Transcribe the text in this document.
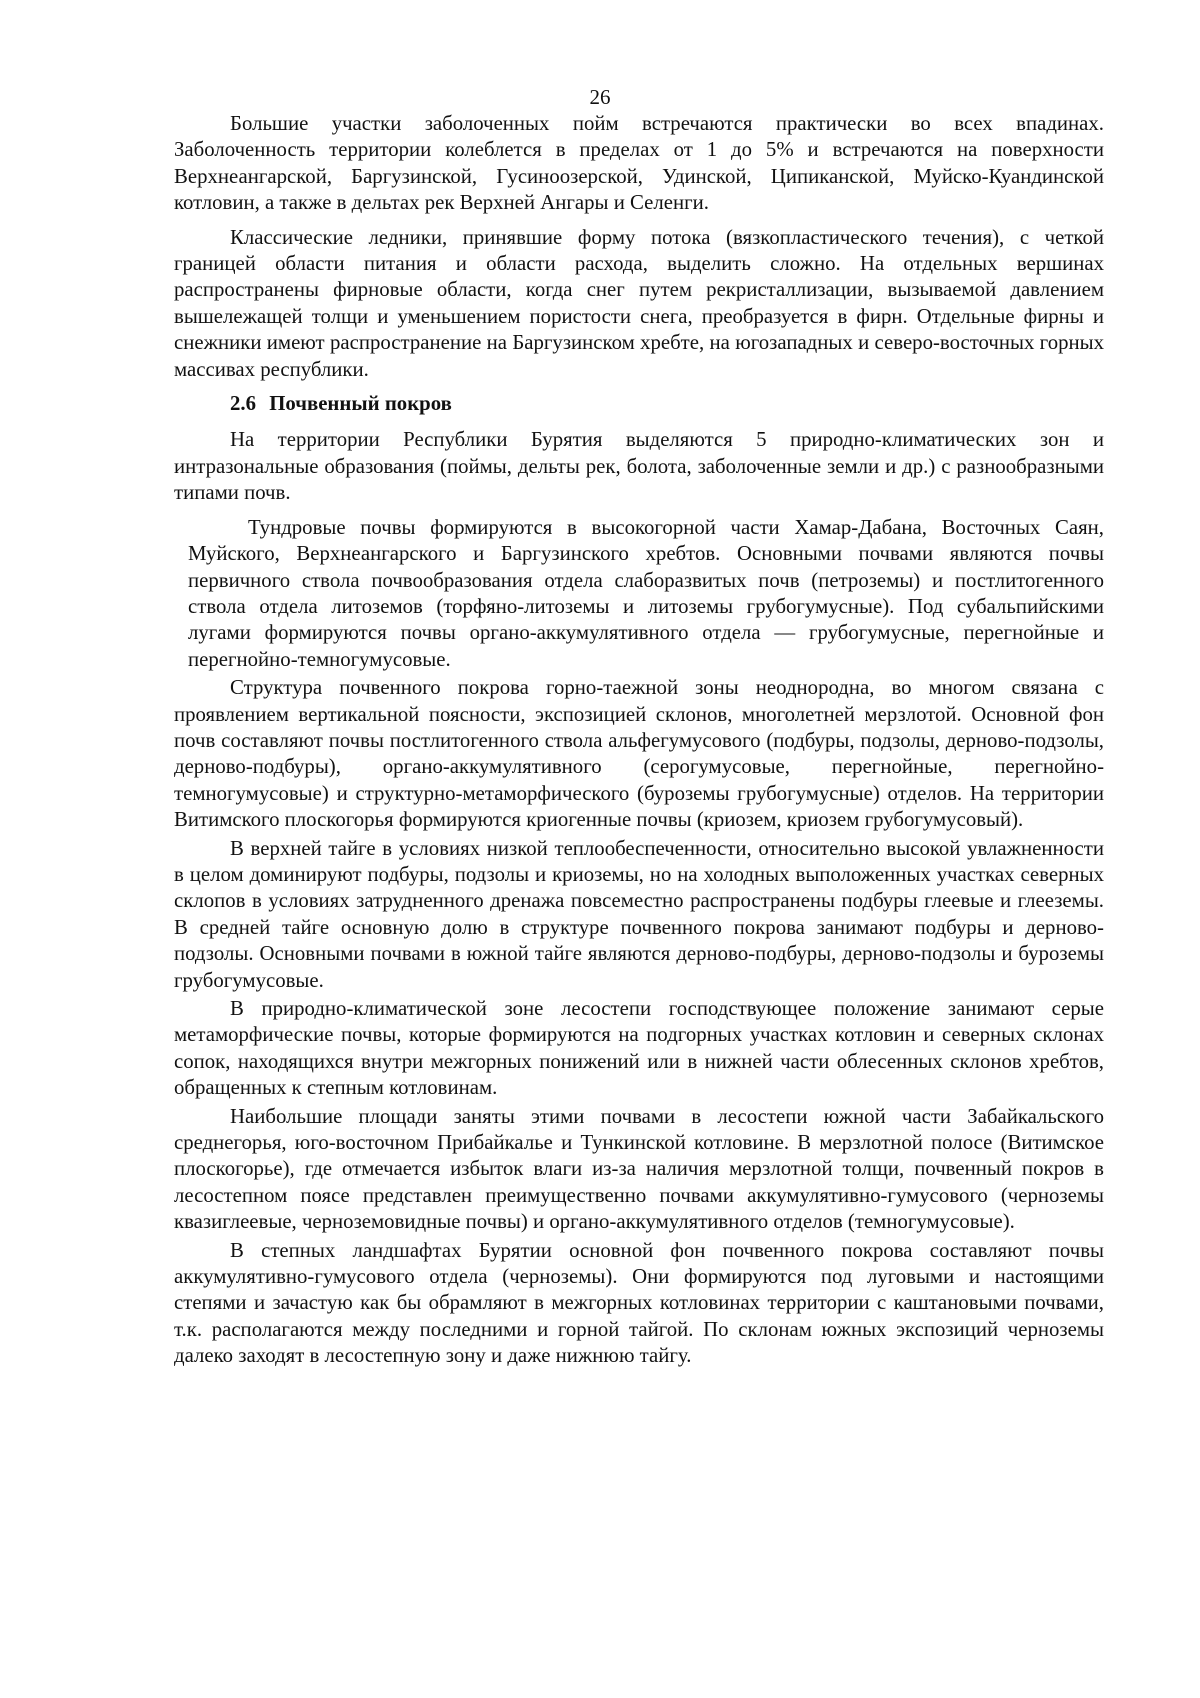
26

Большие участки заболоченных пойм встречаются практически во всех впадинах. Заболоченность территории колеблется в пределах от 1 до 5% и встречаются на поверхности Верхнеангарской, Баргузинской, Гусиноозерской, Удинской, Ципиканской, Муйско-Куандинской котловин, а также в дельтах рек Верхней Ангары и Селенги.

Классические ледники, принявшие форму потока (вязкопластического течения), с четкой границей области питания и области расхода, выделить сложно. На отдельных вершинах распространены фирновые области, когда снег путем рекристаллизации, вызываемой давлением вышележащей толщи и уменьшением пористости снега, преобразуется в фирн. Отдельные фирны и снежники имеют распространение на Баргузинском хребте, на югозападных и северо-восточных горных массивах республики.

2.6 Почвенный покров

На территории Республики Бурятия выделяются 5 природно-климатических зон и интразональные образования (поймы, дельты рек, болота, заболоченные земли и др.) с разнообразными типами почв.

Тундровые почвы формируются в высокогорной части Хамар-Дабана, Восточных Саян, Муйского, Верхнеангарского и Баргузинского хребтов. Основными почвами являются почвы первичного ствола почвообразования отдела слаборазвитых почв (петроземы) и постлитогенного ствола отдела литоземов (торфяно-литоземы и литоземы грубогумусные). Под субальпийскими лугами формируются почвы органо-аккумулятивного отдела — грубогумусные, перегнойные и перегнойно-темногумусовые.

Структура почвенного покрова горно-таежной зоны неоднородна, во многом связана с проявлением вертикальной поясности, экспозицией склонов, многолетней мерзлотой. Основной фон почв составляют почвы постлитогенного ствола альфегумусового (подбуры, подзолы, дерново-подзолы, дерново-подбуры), органо-аккумулятивного (серогумусовые, перегнойные, перегнойно-темногумусовые) и структурно-метаморфического (буроземы грубогумусные) отделов. На территории Витимского плоскогорья формируются криогенные почвы (криозем, криозем грубогумусовый).

В верхней тайге в условиях низкой теплообеспеченности, относительно высокой увлажненности в целом доминируют подбуры, подзолы и криоземы, но на холодных выположенных участках северных склопов в условиях затрудненного дренажа повсеместно распространены подбуры глеевые и глееземы. В средней тайге основную долю в структуре почвенного покрова занимают подбуры и дерново-подзолы. Основными почвами в южной тайге являются дерново-подбуры, дерново-подзолы и буроземы грубогумусовые.

В природно-климатической зоне лесостепи господствующее положение занимают серые метаморфические почвы, которые формируются на подгорных участках котловин и северных склонах сопок, находящихся внутри межгорных понижений или в нижней части облесенных склонов хребтов, обращенных к степным котловинам.

Наибольшие площади заняты этими почвами в лесостепи южной части Забайкальского среднегорья, юго-восточном Прибайкалье и Тункинской котловине. В мерзлотной полосе (Витимское плоскогорье), где отмечается избыток влаги из-за наличия мерзлотной толщи, почвенный покров в лесостепном поясе представлен преимущественно почвами аккумулятивно-гумусового (черноземы квазиглеевые, черноземовидные почвы) и органо-аккумулятивного отделов (темногумусовые).

В степных ландшафтах Бурятии основной фон почвенного покрова составляют почвы аккумулятивно-гумусового отдела (черноземы). Они формируются под луговыми и настоящими степями и зачастую как бы обрамляют в межгорных котловинах территории с каштановыми почвами, т.к. располагаются между последними и горной тайгой. По склонам южных экспозиций черноземы далеко заходят в лесостепную зону и даже нижнюю тайгу.
